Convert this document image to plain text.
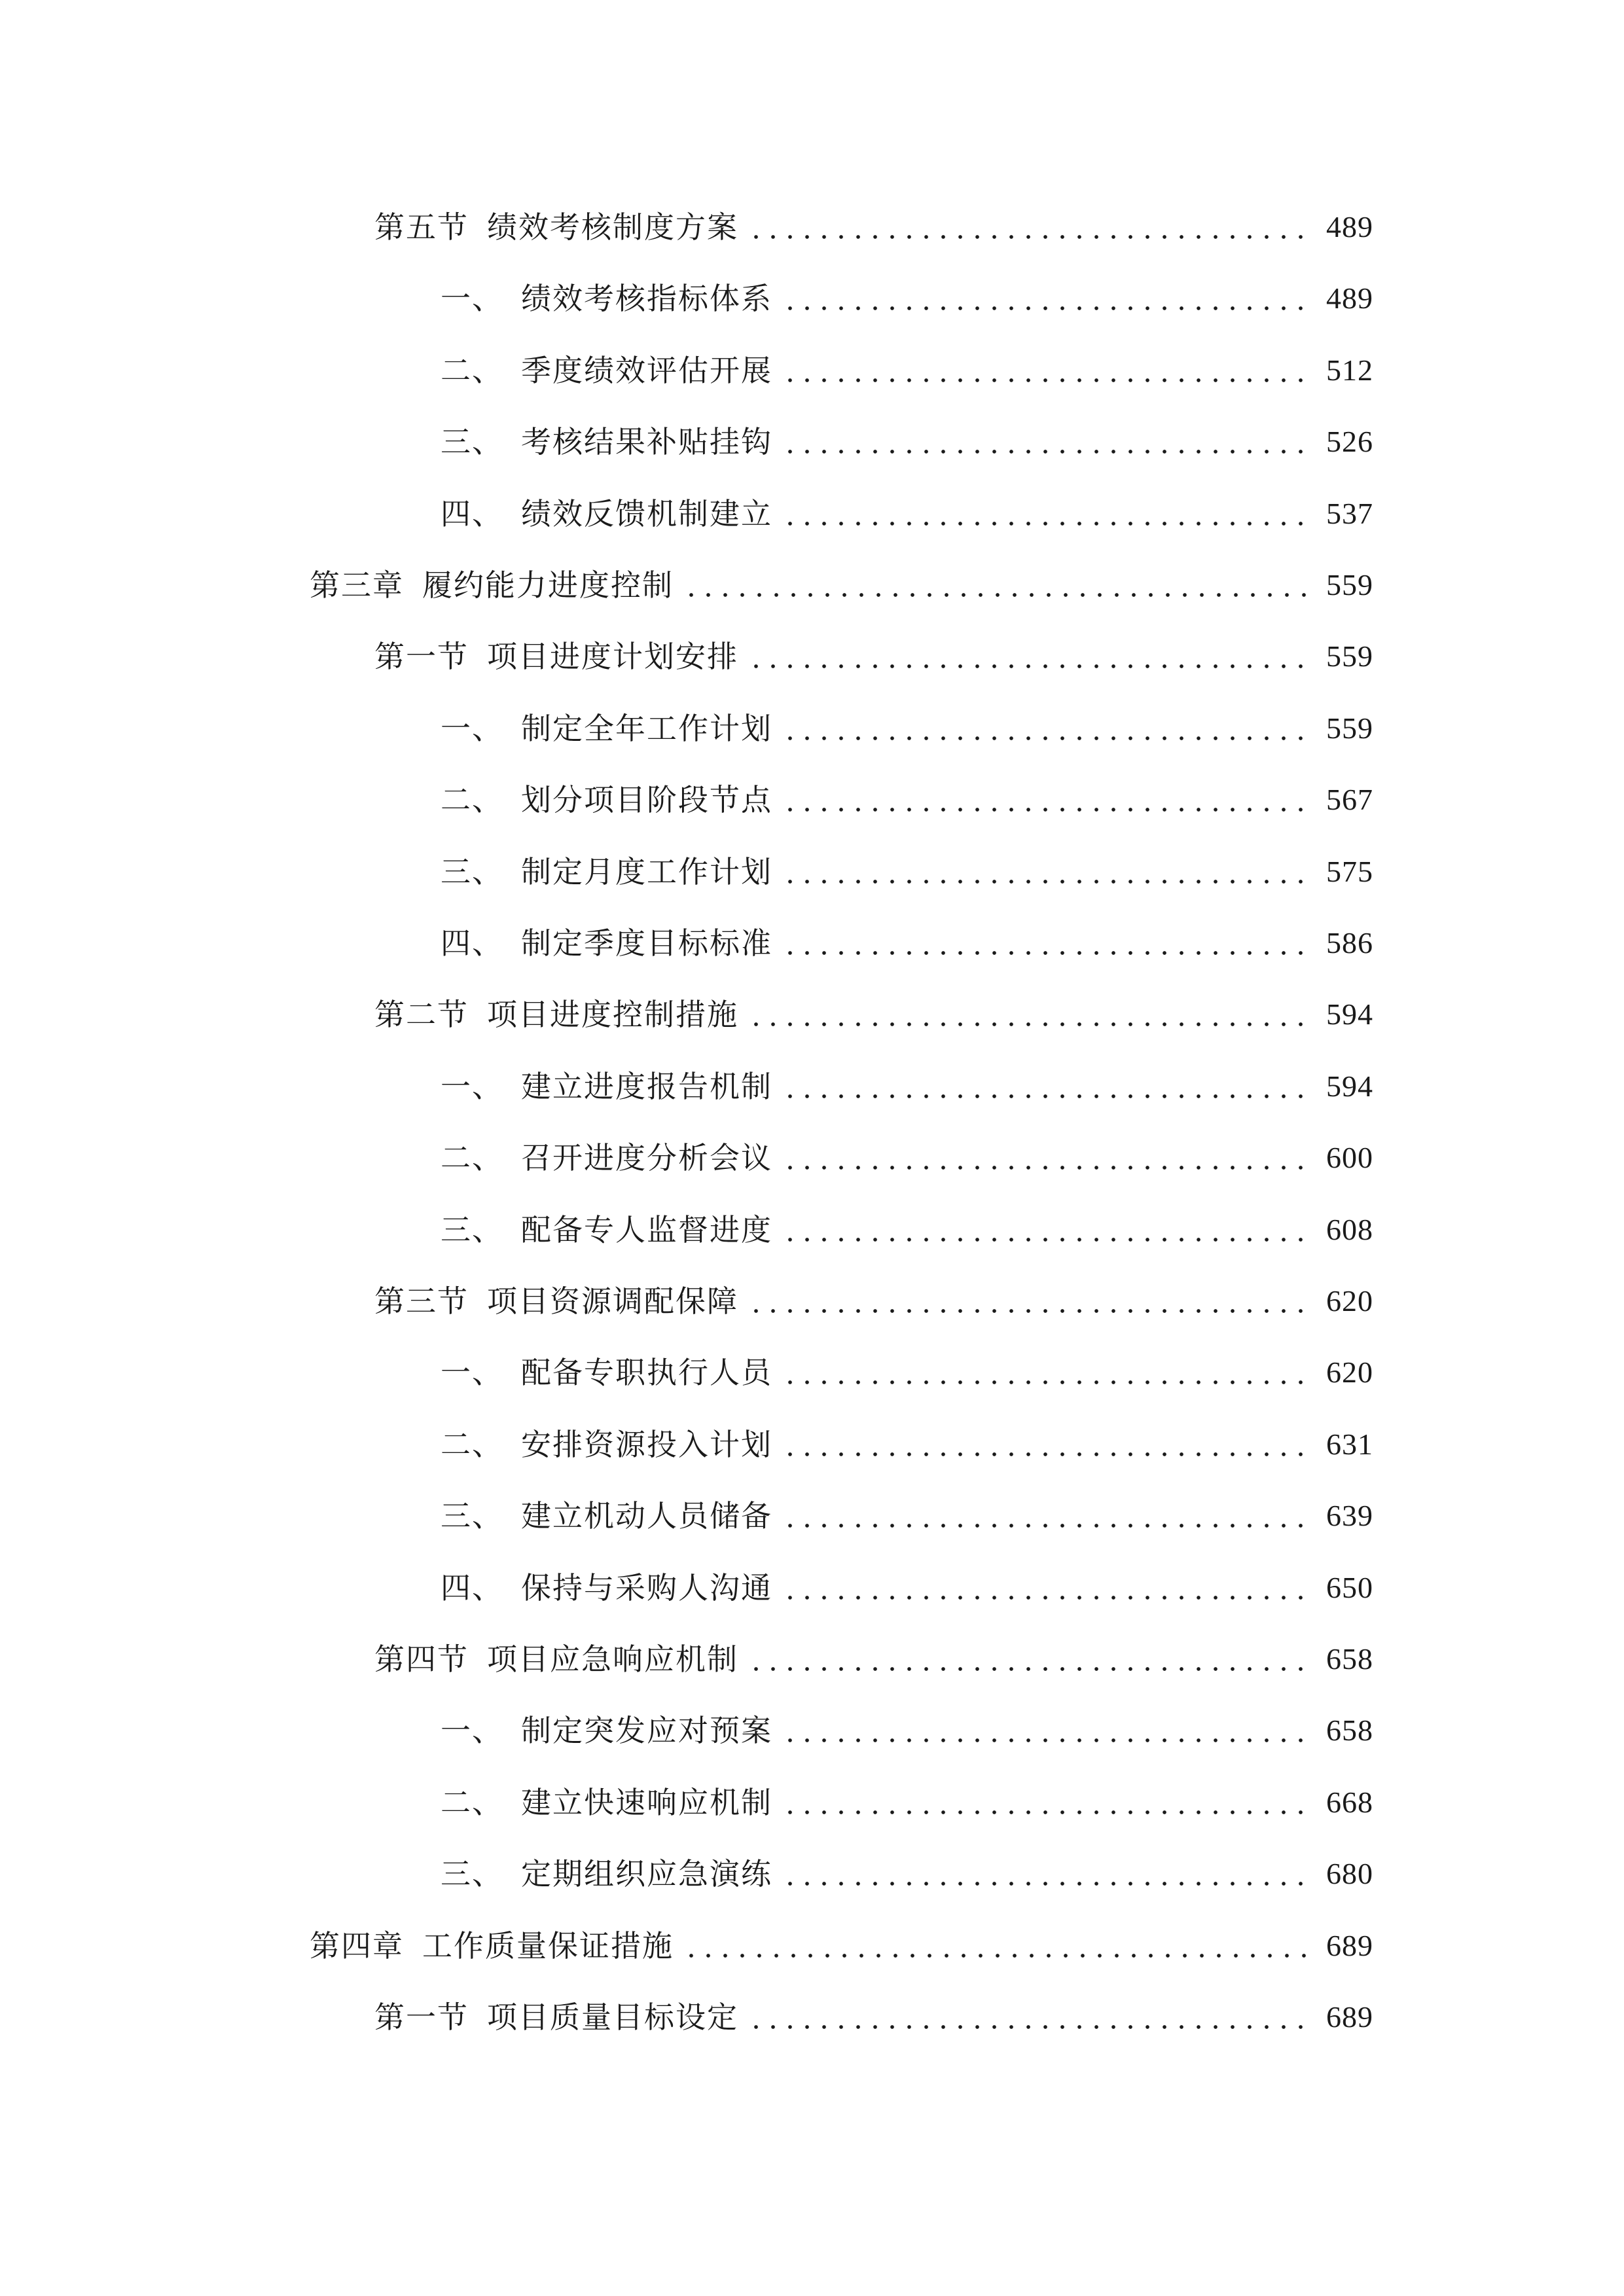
第五节 绩效考核制度方案	489
一、 绩效考核指标体系	489
二、 季度绩效评估开展	512
三、 考核结果补贴挂钩	526
四、 绩效反馈机制建立	537
第三章 履约能力进度控制	559
第一节 项目进度计划安排	559
一、 制定全年工作计划	559
二、 划分项目阶段节点	567
三、 制定月度工作计划	575
四、 制定季度目标标准	586
第二节 项目进度控制措施	594
一、 建立进度报告机制	594
二、 召开进度分析会议	600
三、 配备专人监督进度	608
第三节 项目资源调配保障	620
一、 配备专职执行人员	620
二、 安排资源投入计划	631
三、 建立机动人员储备	639
四、 保持与采购人沟通	650
第四节 项目应急响应机制	658
一、 制定突发应对预案	658
二、 建立快速响应机制	668
三、 定期组织应急演练	680
第四章 工作质量保证措施	689
第一节 项目质量目标设定	689
